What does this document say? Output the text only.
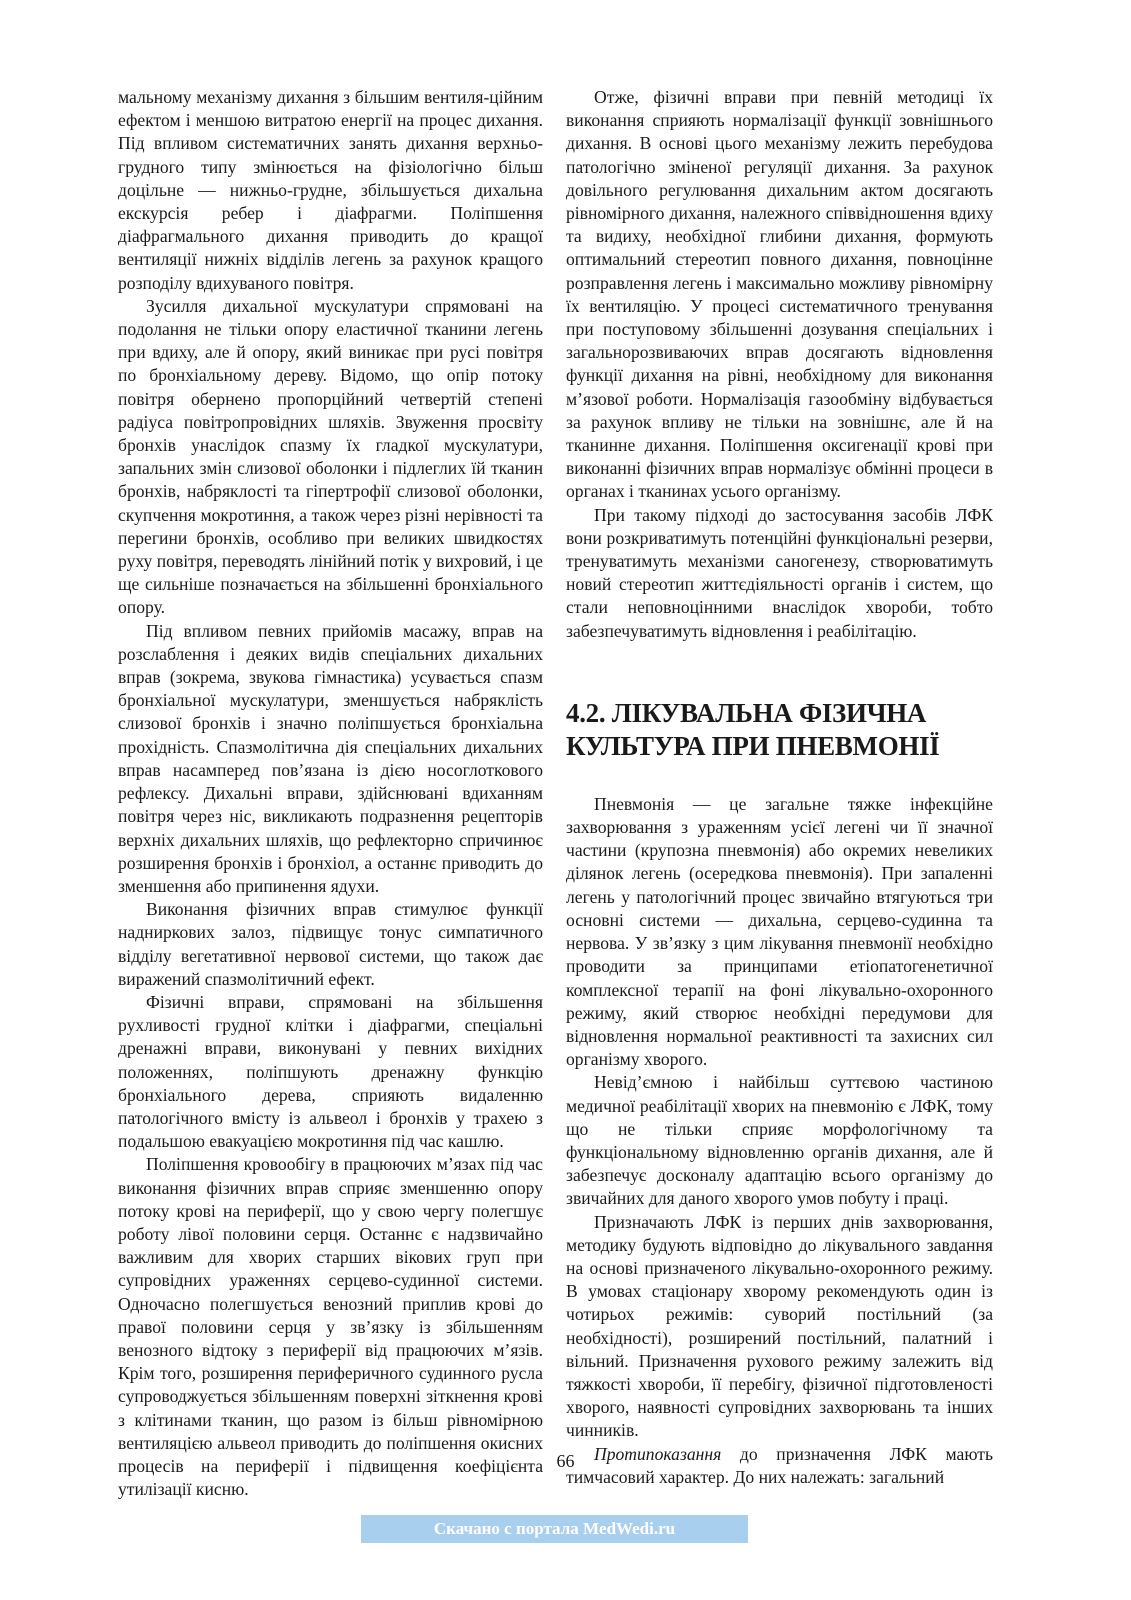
мальному механізму дихання з більшим вентиля-ційним ефектом і меншою витратою енергії на процес дихання. Під впливом систематичних занять дихання верхньо-грудного типу змінюється на фізіологічно більш доцільне — нижньо-грудне, збільшується дихальна екскурсія ребер і діафрагми. Поліпшення діафрагмального дихання приводить до кращої вентиляції нижніх відділів легень за рахунок кращого розподілу вдихуваного повітря.

Зусилля дихальної мускулатури спрямовані на подолання не тільки опору еластичної тканини легень при вдиху, але й опору, який виникає при русі повітря по бронхіальному дереву. Відомо, що опір потоку повітря обернено пропорційний четвертій степені радіуса повітропровідних шляхів. Звуження просвіту бронхів унаслідок спазму їх гладкої мускулатури, запальних змін слизової оболонки і підлеглих їй тканин бронхів, набряклості та гіпертрофії слизової оболонки, скупчення мокротиння, а також через різні нерівності та перегини бронхів, особливо при великих швидкостях руху повітря, переводять лінійний потік у вихровий, і це ще сильніше позначається на збільшенні бронхіального опору.

Під впливом певних прийомів масажу, вправ на розслаблення і деяких видів спеціальних дихальних вправ (зокрема, звукова гімнастика) усувається спазм бронхіальної мускулатури, зменшується набряклість слизової бронхів і значно поліпшується бронхіальна прохідність. Спазмолітична дія спеціальних дихальних вправ насамперед пов’язана із дією носоглоткового рефлексу. Дихальні вправи, здійснювані вдиханням повітря через ніс, викликають подразнення рецепторів верхніх дихальних шляхів, що рефлекторно спричинює розширення бронхів і бронхіол, а останнє приводить до зменшення або припинення ядухи.

Виконання фізичних вправ стимулює функції надниркових залоз, підвищує тонус симпатичного відділу вегетативної нервової системи, що також дає виражений спазмолітичний ефект.

Фізичні вправи, спрямовані на збільшення рухливості грудної клітки і діафрагми, спеціальні дренажні вправи, виконувані у певних вихідних положеннях, поліпшують дренажну функцію бронхіального дерева, сприяють видаленню патологічного вмісту із альвеол і бронхів у трахею з подальшою евакуацією мокротиння під час кашлю.

Поліпшення кровообігу в працюючих м’язах під час виконання фізичних вправ сприяє зменшенню опору потоку крові на периферії, що у свою чергу полегшує роботу лівої половини серця. Останнє є надзвичайно важливим для хворих старших вікових груп при супровідних ураженнях серцево-судинної системи. Одночасно полегшується венозний приплив крові до правої половини серця у зв’язку із збільшенням венозного відтоку з периферії від працюючих м’язів. Крім того, розширення периферичного судинного русла супроводжується збільшенням поверхні зіткнення крові з клітинами тканин, що разом із більш рівномірною вентиляцією альвеол приводить до поліпшення окисних процесів на периферії і підвищення коефіцієнта утилізації кисню.

Отже, фізичні вправи при певній методиці їх виконання сприяють нормалізації функції зовнішнього дихання. В основі цього механізму лежить перебудова патологічно зміненої регуляції дихання. За рахунок довільного регулювання дихальним актом досягають рівномірного дихання, належного співвідношення вдиху та видиху, необхідної глибини дихання, формують оптимальний стереотип повного дихання, повноцінне розправлення легень і максимально можливу рівномірну їх вентиляцію. У процесі систематичного тренування при поступовому збільшенні дозування спеціальних і загальнорозвиваючих вправ досягають відновлення функції дихання на рівні, необхідному для виконання м’язової роботи. Нормалізація газообміну відбувається за рахунок впливу не тільки на зовнішнє, але й на тканинне дихання. Поліпшення оксигенації крові при виконанні фізичних вправ нормалізує обмінні процеси в органах і тканинах усього організму.

При такому підході до застосування засобів ЛФК вони розкриватимуть потенційні функціональні резерви, тренуватимуть механізми саногенезу, створюватимуть новий стереотип життєдіяльності органів і систем, що стали неповноцінними внаслідок хвороби, тобто забезпечуватимуть відновлення і реабілітацію.

4.2. ЛІКУВАЛЬНА ФІЗИЧНА
КУЛЬТУРА ПРИ ПНЕВМОНІЇ

Пневмонія — це загальне тяжке інфекційне захворювання з ураженням усієї легені чи її значної частини (крупозна пневмонія) або окремих невеликих ділянок легень (осередкова пневмонія). При запаленні легень у патологічний процес звичайно втягуються три основні системи — дихальна, серцево-судинна та нервова. У зв’язку з цим лікування пневмонії необхідно проводити за принципами етіопатогенетичної комплексної терапії на фоні лікувально-охоронного режиму, який створює необхідні передумови для відновлення нормальної реактивності та захисних сил організму хворого.

Невід’ємною і найбільш суттєвою частиною медичної реабілітації хворих на пневмонію є ЛФК, тому що не тільки сприяє морфологічному та функціональному відновленню органів дихання, але й забезпечує досконалу адаптацію всього організму до звичайних для даного хворого умов побуту і праці.

Призначають ЛФК із перших днів захворювання, методику будують відповідно до лікувального завдання на основі призначеного лікувально-охоронного режиму. В умовах стаціонару хворому рекомендують один із чотирьох режимів: суворий постільний (за необхідності), розширений постільний, палатний і вільний. Призначення рухового режиму залежить від тяжкості хвороби, її перебігу, фізичної підготовленості хворого, наявності супровідних захворювань та інших чинників.

Протипоказання до призначення ЛФК мають тимчасовий характер. До них належать: загальний

66
Скачано с портала MedWedi.ru
